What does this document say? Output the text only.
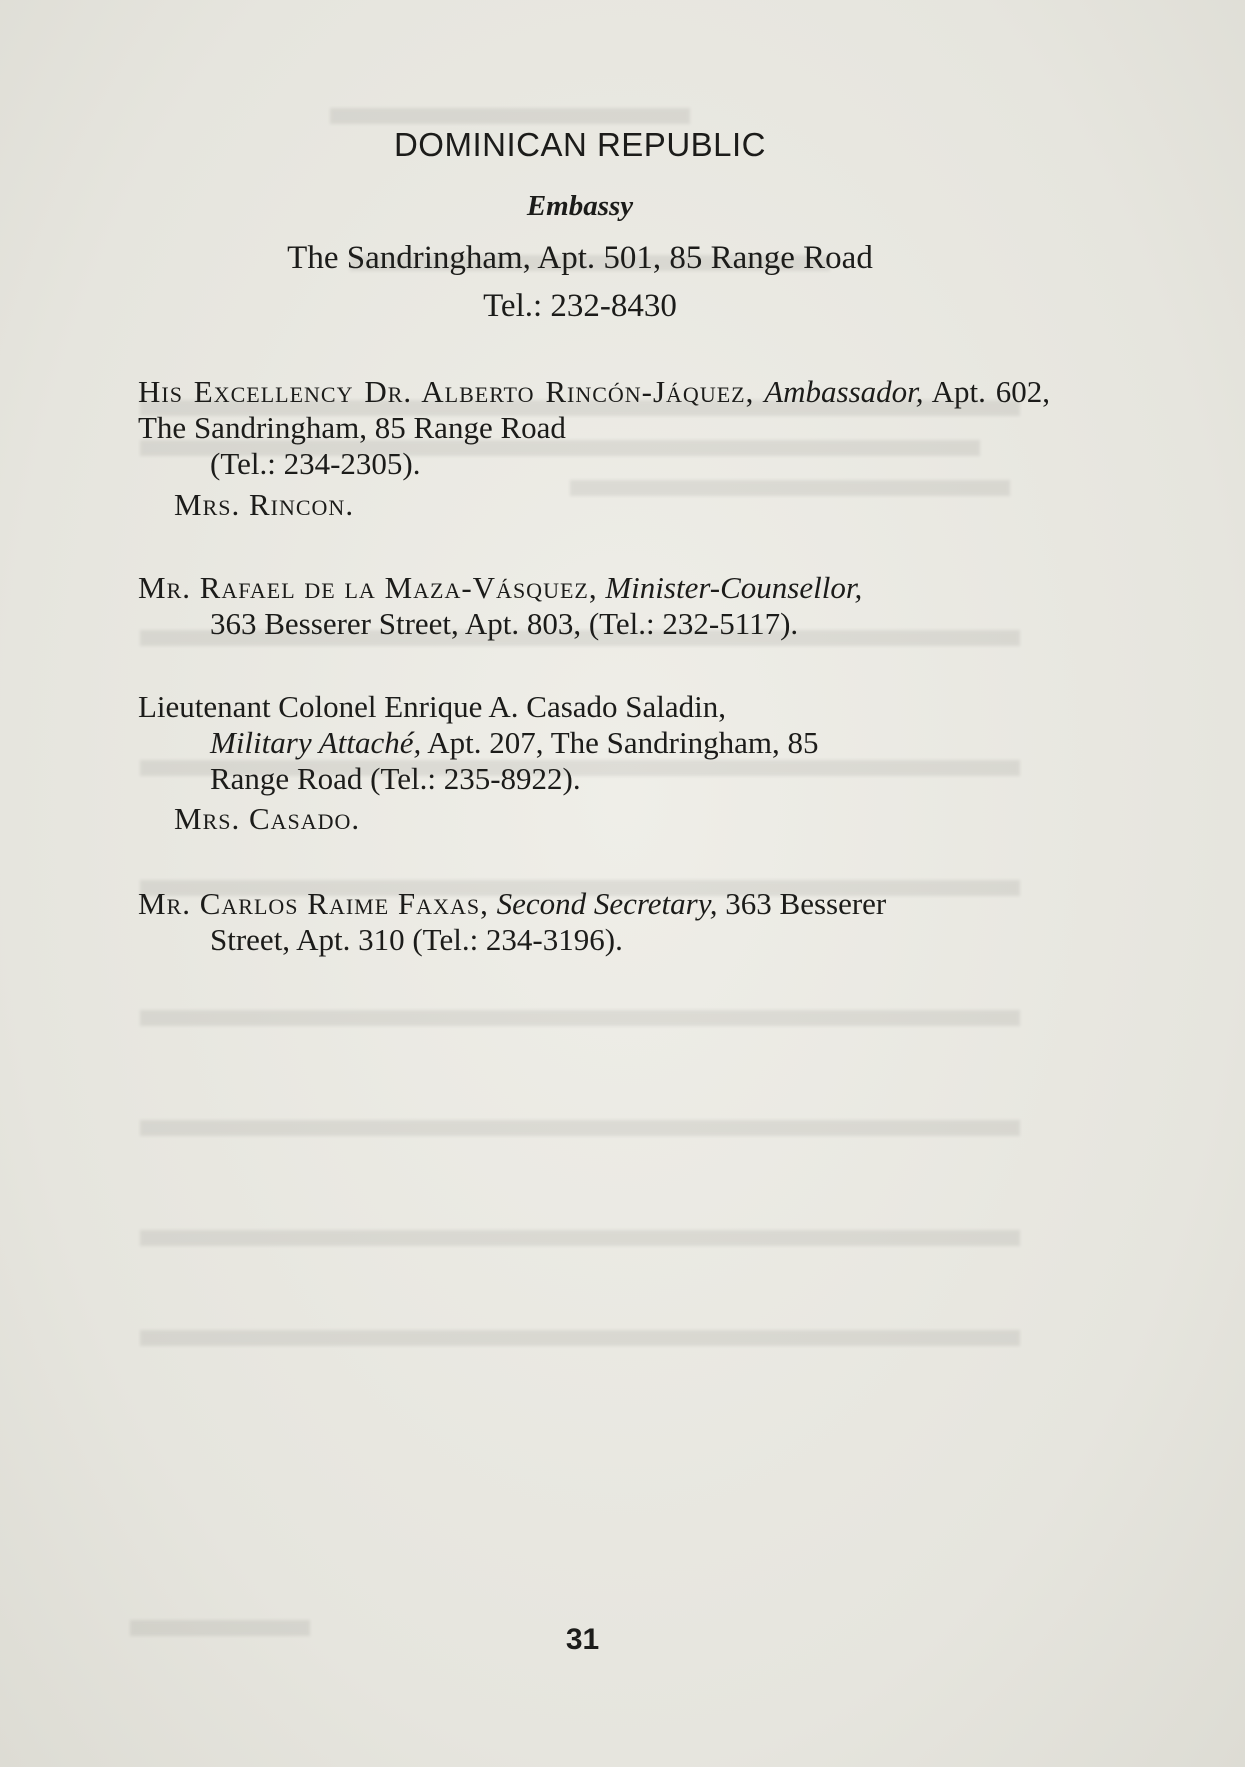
DOMINICAN REPUBLIC
Embassy
The Sandringham, Apt. 501, 85 Range Road
Tel.: 232-8430
His Excellency Dr. Alberto Rincón-Jáquez, Ambassador, Apt. 602, The Sandringham, 85 Range Road
(Tel.: 234-2305).
Mrs. Rincon.
Mr. Rafael de la Maza-Vásquez, Minister-Counsellor,
363 Besserer Street, Apt. 803, (Tel.: 232-5117).
Lieutenant Colonel Enrique A. Casado Saladin,
Military Attaché, Apt. 207, The Sandringham, 85
Range Road (Tel.: 235-8922).
Mrs. Casado.
Mr. Carlos Raime Faxas, Second Secretary, 363 Besserer
Street, Apt. 310 (Tel.: 234-3196).
31
